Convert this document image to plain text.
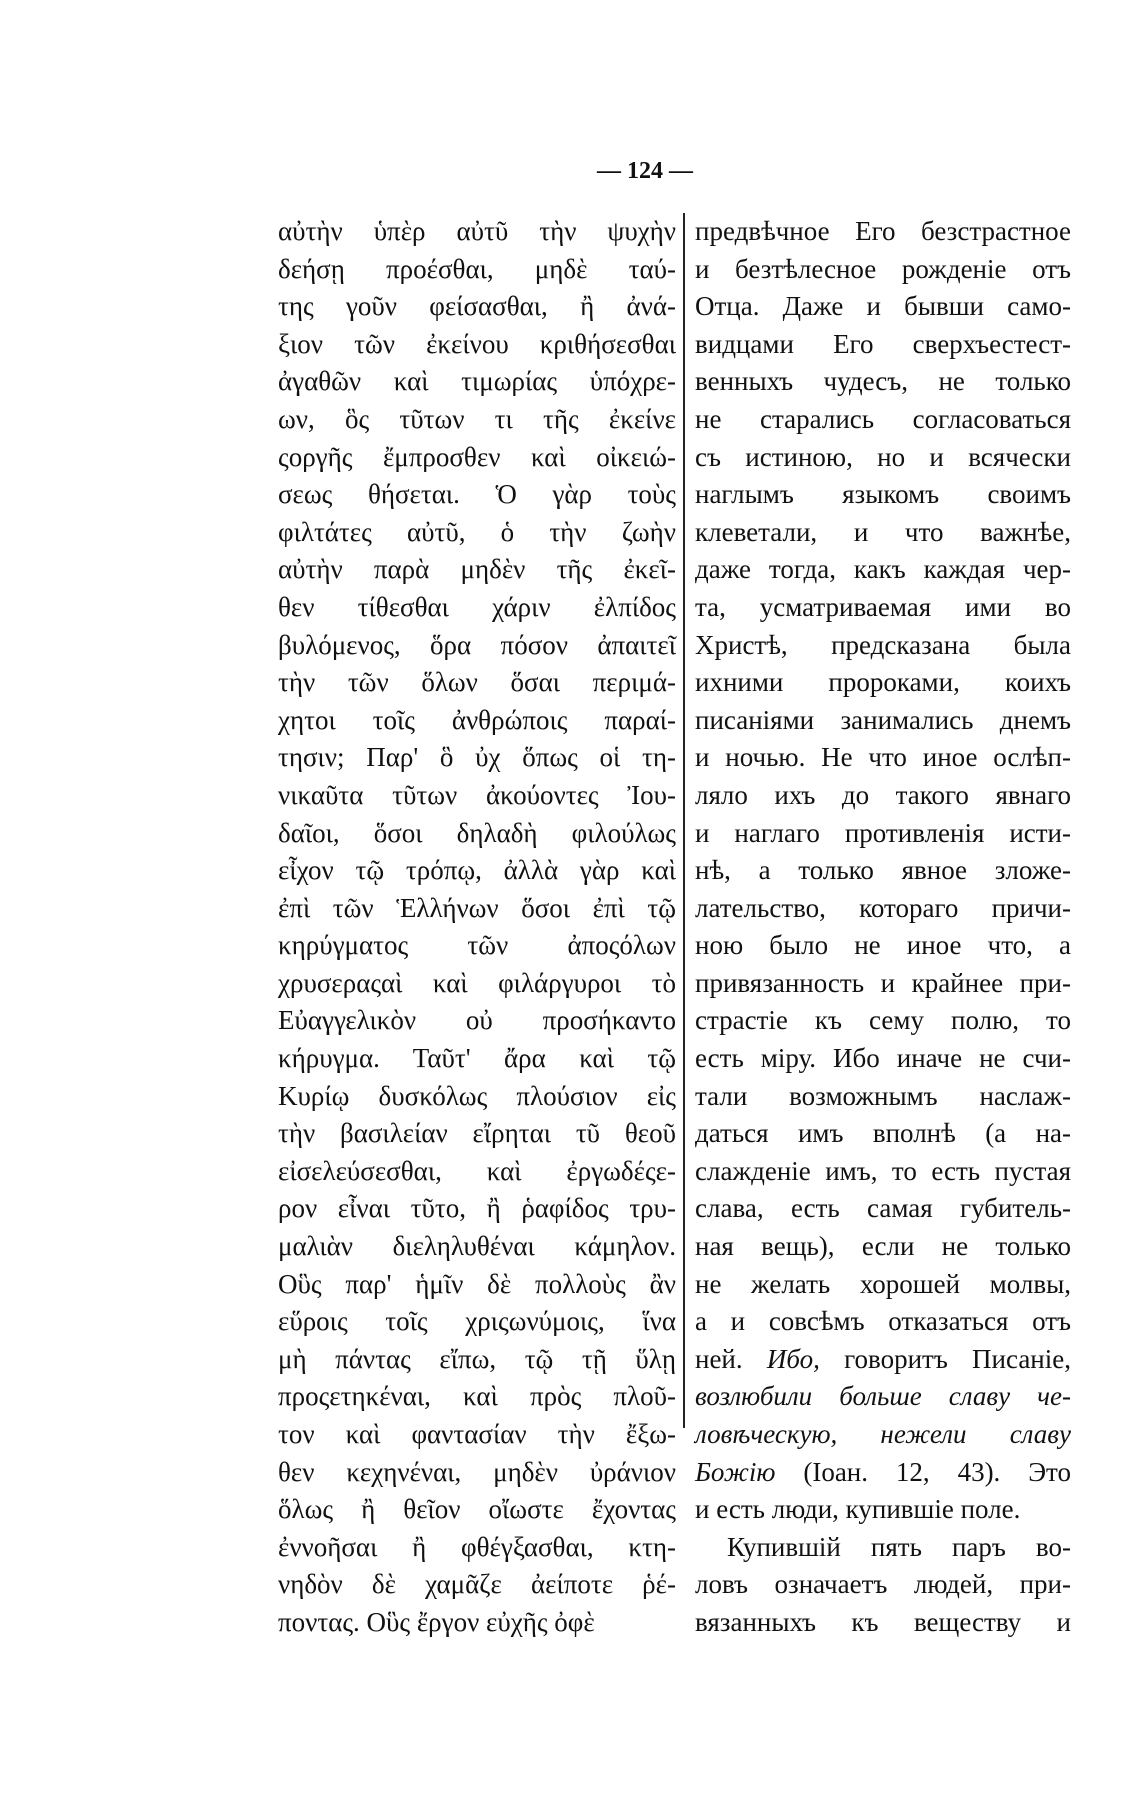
— 124 —
αὐτὴν ὑπὲρ αὐτῦ τὴν ψυχὴν
δεήσῃ προέσθαι, μηδὲ ταύ-
της γοῦν φείσασθαι, ἢ ἀνά-
ξιον τῶν ἐκείνου κριθήσεσθαι
ἀγαθῶν καὶ τιμωρίας ὑπόχρε-
ων, ὃς τῦτων τι τῆς ἐκείνε
ςοργῆς ἔμπροσθεν καὶ οἰκειώ-
σεως θήσεται. Ὁ γὰρ τοὺς
φιλτάτες αὐτῦ, ὁ τὴν ζωὴν
αὐτὴν παρὰ μηδὲν τῆς ἐκεῖ-
θεν τίθεσθαι χάριν ἐλπίδος
βυλόμενος, ὅρα πόσον ἀπαιτεῖ
τὴν τῶν ὅλων ὅσαι περιμά-
χητοι τοῖς ἀνθρώποις παραί-
τησιν; Παρ' ὃ ὐχ ὅπως οἱ τη-
νικαῦτα τῦτων ἀκούοντες Ἰου-
δαῖοι, ὅσοι δηλαδὴ φιλούλως
εἶχον τῷ τρόπῳ, ἀλλὰ γὰρ καὶ
ἐπὶ τῶν Ἑλλήνων ὅσοι ἐπὶ τῷ
κηρύγματος τῶν ἀποςόλων
χρυσεραςαὶ καὶ φιλάργυροι τὸ
Εὐαγγελικὸν οὐ προσήκαντο
κήρυγμα. Ταῦτ' ἄρα καὶ τῷ
Κυρίῳ δυσκόλως πλούσιον εἰς
τὴν βασιλείαν εἴρηται τῦ θεοῦ
εἰσελεύσεσθαι, καὶ ἐργωδέςε-
ρον εἶναι τῦτο, ἢ ῥαφίδος τρυ-
μαλιὰν διεληλυθέναι κάμηλον.
Οὓς παρ' ἡμῖν δὲ πολλοὺς ἂν
εὕροις τοῖς χριςωνύμοις, ἵνα
μὴ πάντας εἴπω, τῷ τῇ ὕλῃ
προςετηκέναι, καὶ πρὸς πλοῦ-
τον καὶ φαντασίαν τὴν ἔξω-
θεν κεχηνέναι, μηδὲν ὐράνιον
ὅλως ἢ θεῖον οἴωστε ἔχοντας
ἐννοῆσαι ἢ φθέγξασθαι, κτη-
νηδὸν δὲ χαμᾶζε ἀείποτε ῥέ-
ποντας. Οὓς ἔργον εὐχῆς ὀφὲ
предвѣчное Его безстрастное
и безтѣлесное рожденіе отъ
Отца. Даже и бывши само-
видцами Его сверхъестест-
венныхъ чудесъ, не только
не старались согласоваться
съ истиною, но и всячески
наглымъ языкомъ своимъ
клеветали, и что важнѣе,
даже тогда, какъ каждая чер-
та, усматриваемая ими во
Христѣ, предсказана была
ихними пророками, коихъ
писаніями занимались днемъ
и ночью. Не что иное ослѣп-
ляло ихъ до такого явнаго
и наглаго противленія исти-
нѣ, а только явное зложе-
лательство, котораго причи-
ною было не иное что, а
привязанность и крайнее при-
страстіе къ сему полю, то
есть міру. Ибо иначе не счи-
тали возможнымъ наслаж-
даться имъ вполнѣ (а на-
слажденіе имъ, то есть пустая
слава, есть самая губитель-
ная вещь), если не только
не желать хорошей молвы,
а и совсѣмъ отказаться отъ
ней. Ибо, говоритъ Писаніе,
возлюбили больше славу че-
ловѣческую, нежели славу
Божію (Іоан. 12, 43). Это
и есть люди, купившіе поле.
Купившій пять паръ во-
ловъ означаетъ людей, при-
вязанныхъ къ веществу и
